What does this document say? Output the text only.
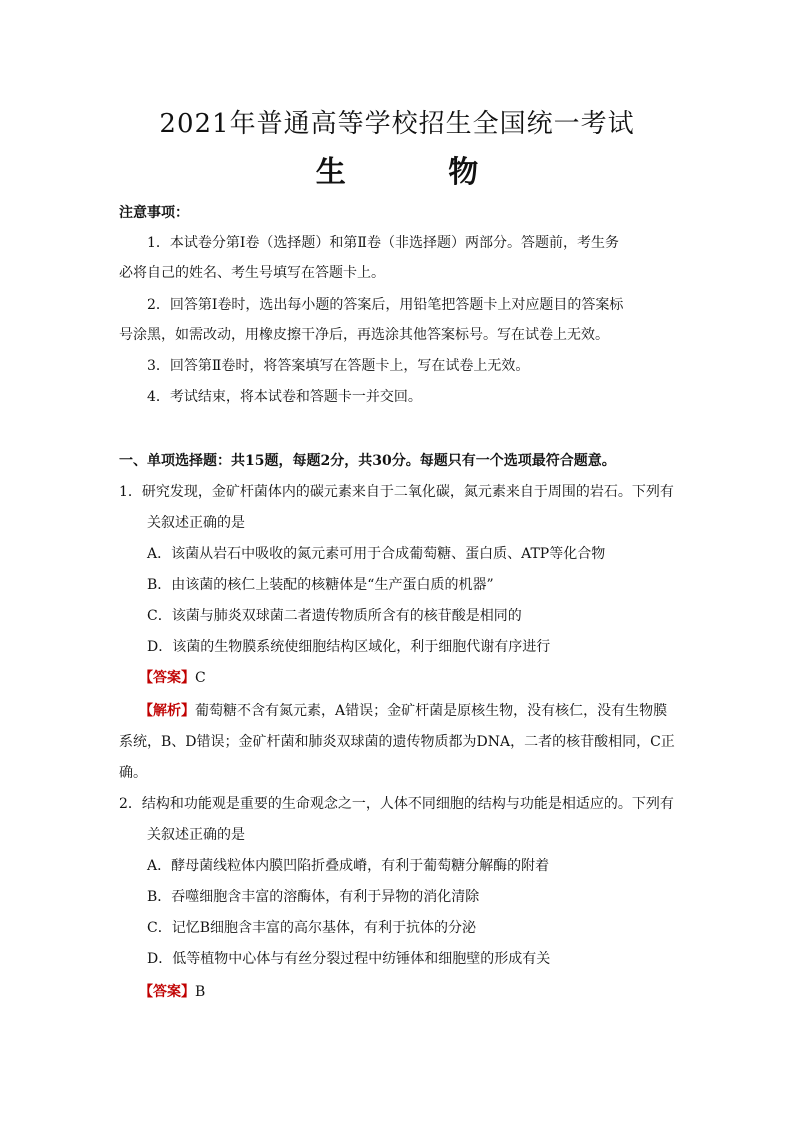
2021年普通高等学校招生全国统一考试
生 物
注意事项：
1．本试卷分第Ⅰ卷（选择题）和第Ⅱ卷（非选择题）两部分。答题前，考生务
必将自己的姓名、考生号填写在答题卡上。
2．回答第Ⅰ卷时，选出每小题的答案后，用铅笔把答题卡上对应题目的答案标
号涂黑，如需改动，用橡皮擦干净后，再选涂其他答案标号。写在试卷上无效。
3．回答第Ⅱ卷时，将答案填写在答题卡上，写在试卷上无效。
4．考试结束，将本试卷和答题卡一并交回。
一、单项选择题：共15题，每题2分，共30分。每题只有一个选项最符合题意。
1．研究发现，金矿杆菌体内的碳元素来自于二氧化碳，氮元素来自于周围的岩石。下列有
关叙述正确的是
A．该菌从岩石中吸收的氮元素可用于合成葡萄糖、蛋白质、ATP等化合物
B．由该菌的核仁上装配的核糖体是“生产蛋白质的机器”
C．该菌与肺炎双球菌二者遗传物质所含有的核苷酸是相同的
D．该菌的生物膜系统使细胞结构区域化，利于细胞代谢有序进行
【答案】C
【解析】葡萄糖不含有氮元素，A错误；金矿杆菌是原核生物，没有核仁，没有生物膜
系统，B、D错误；金矿杆菌和肺炎双球菌的遗传物质都为DNA，二者的核苷酸相同，C正
确。
2．结构和功能观是重要的生命观念之一，人体不同细胞的结构与功能是相适应的。下列有
关叙述正确的是
A．酵母菌线粒体内膜凹陷折叠成嵴，有利于葡萄糖分解酶的附着
B．吞噬细胞含丰富的溶酶体，有利于异物的消化清除
C．记忆B细胞含丰富的高尔基体，有利于抗体的分泌
D．低等植物中心体与有丝分裂过程中纺锤体和细胞壁的形成有关
【答案】B
